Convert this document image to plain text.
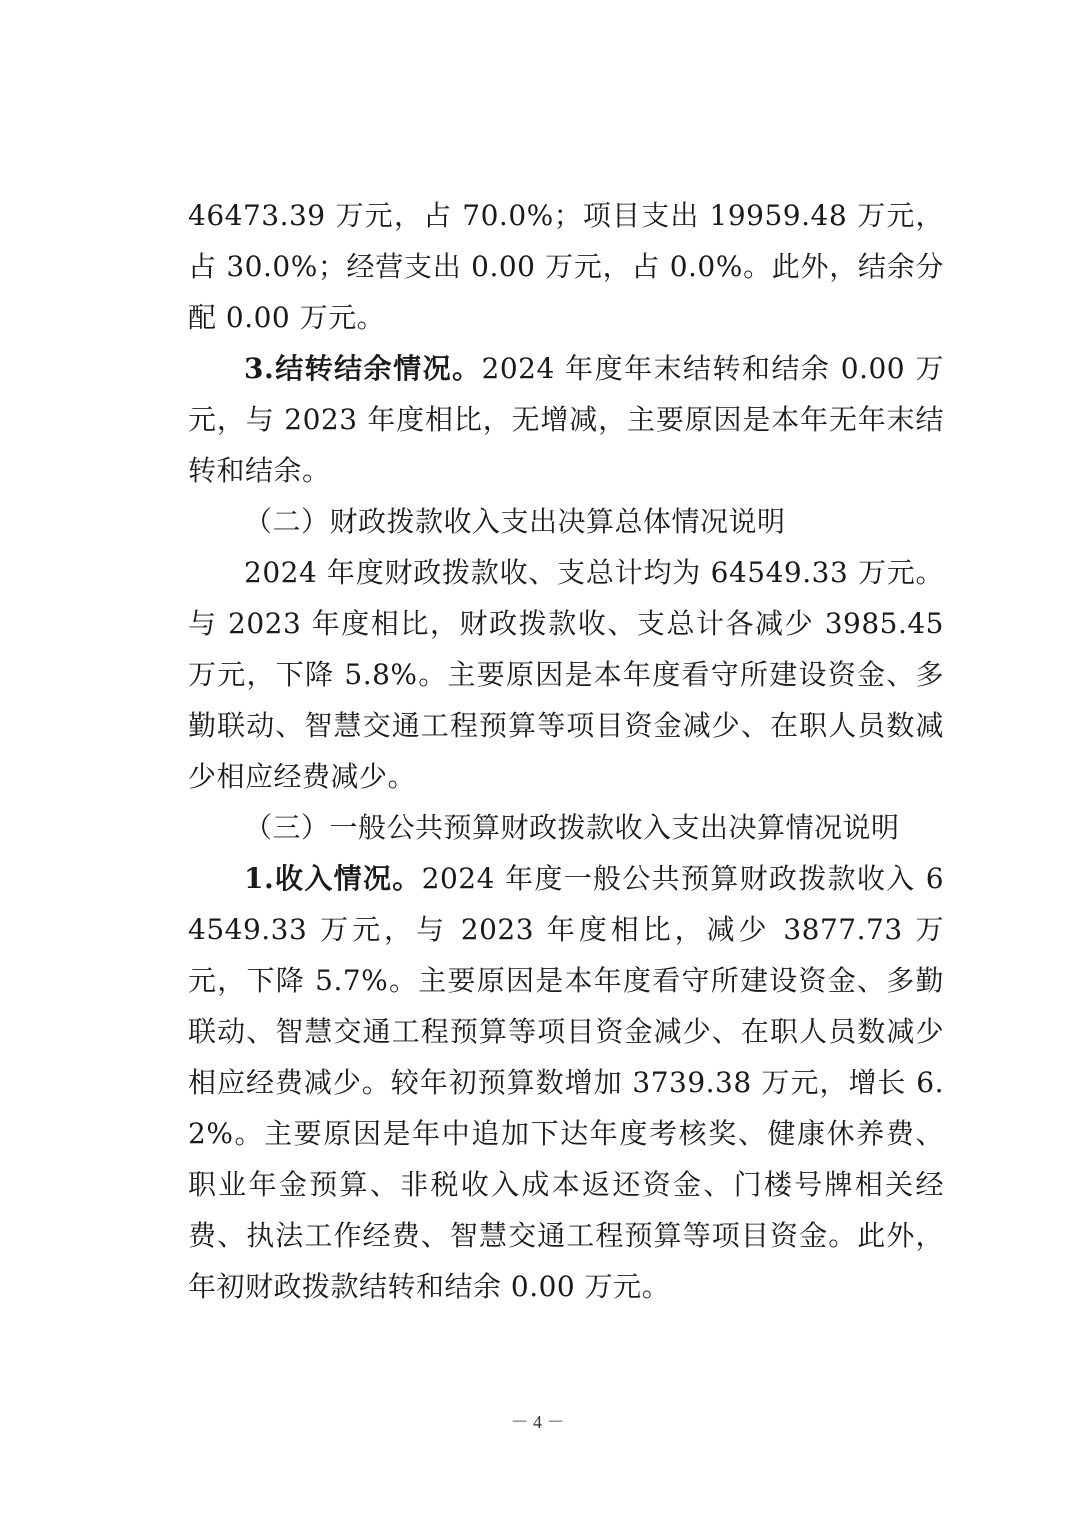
46473.39 万元，占 70.0%；项目支出 19959.48 万元，占 30.0%；经营支出 0.00 万元，占 0.0%。此外，结余分配 0.00 万元。

3.结转结余情况。2024 年度年末结转和结余 0.00 万元，与 2023 年度相比，无增减，主要原因是本年无年末结转和结余。

（二）财政拨款收入支出决算总体情况说明

2024 年度财政拨款收、支总计均为 64549.33 万元。与 2023 年度相比，财政拨款收、支总计各减少 3985.45 万元，下降 5.8%。主要原因是本年度看守所建设资金、多勤联动、智慧交通工程预算等项目资金减少、在职人员数减少相应经费减少。

（三）一般公共预算财政拨款收入支出决算情况说明

1.收入情况。2024 年度一般公共预算财政拨款收入 64549.33 万元，与 2023 年度相比，减少 3877.73 万元，下降 5.7%。主要原因是本年度看守所建设资金、多勤联动、智慧交通工程预算等项目资金减少、在职人员数减少相应经费减少。较年初预算数增加 3739.38 万元，增长 6.2%。主要原因是年中追加下达年度考核奖、健康休养费、职业年金预算、非税收入成本返还资金、门楼号牌相关经费、执法工作经费、智慧交通工程预算等项目资金。此外，年初财政拨款结转和结余 0.00 万元。

－ 4 －
